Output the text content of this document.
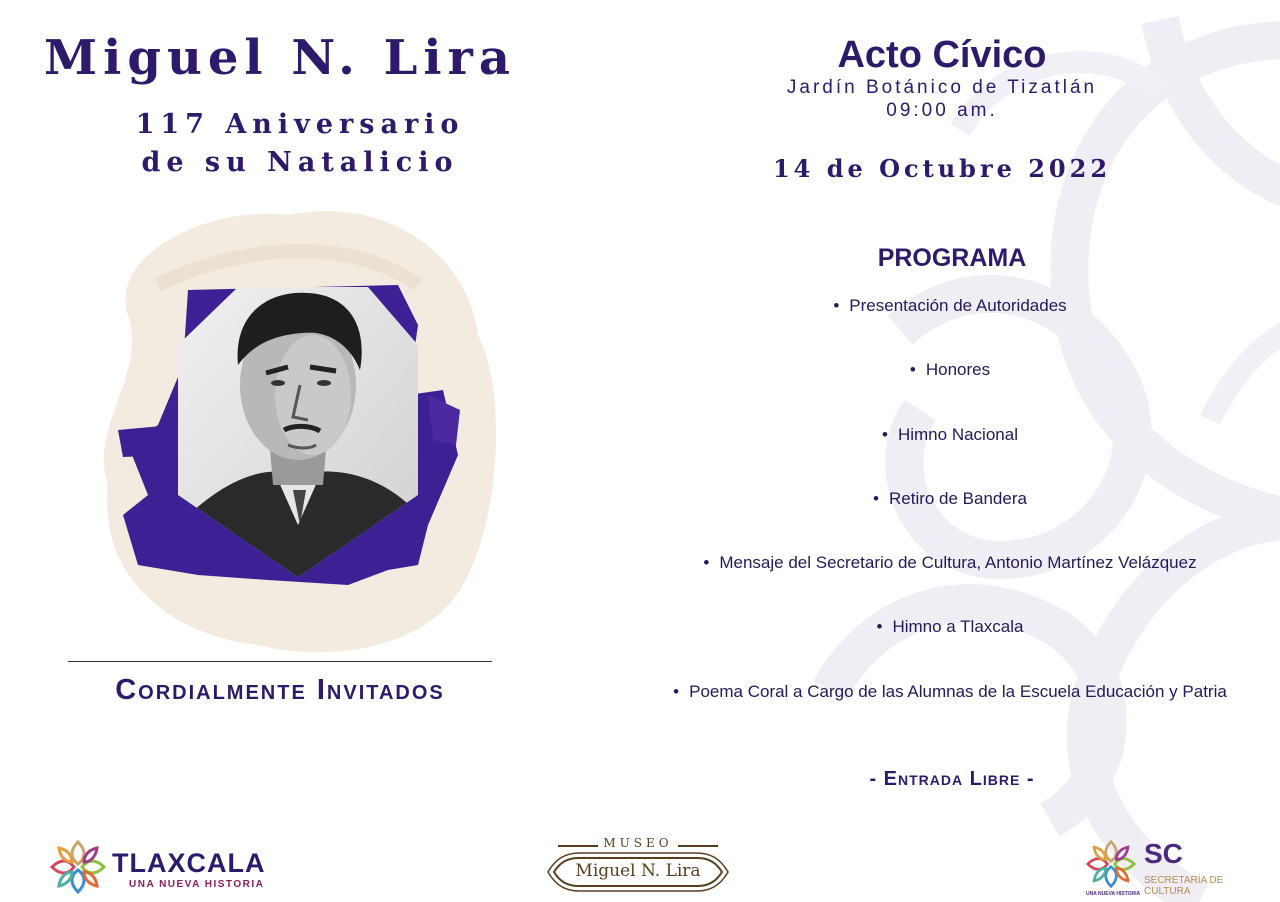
Miguel N. Lira
117 Aniversario
de su Natalicio
Cordialmente Invitados
Acto Cívico
Jardín Botánico de Tizatlán
09:00 am.
14 de Octubre 2022
PROGRAMA
• Presentación de Autoridades
• Honores
• Himno Nacional
• Retiro de Bandera
• Mensaje del Secretario de Cultura, Antonio Martínez Velázquez
• Himno a Tlaxcala
• Poema Coral a Cargo de las Alumnas de la Escuela Educación y Patria
- Entrada Libre -
TLAXCALA
UNA NUEVA HISTORIA
MUSEO
Miguel N. Lira
UNA NUEVA HISTORIA
SC
SECRETARÍA DE CULTURA
